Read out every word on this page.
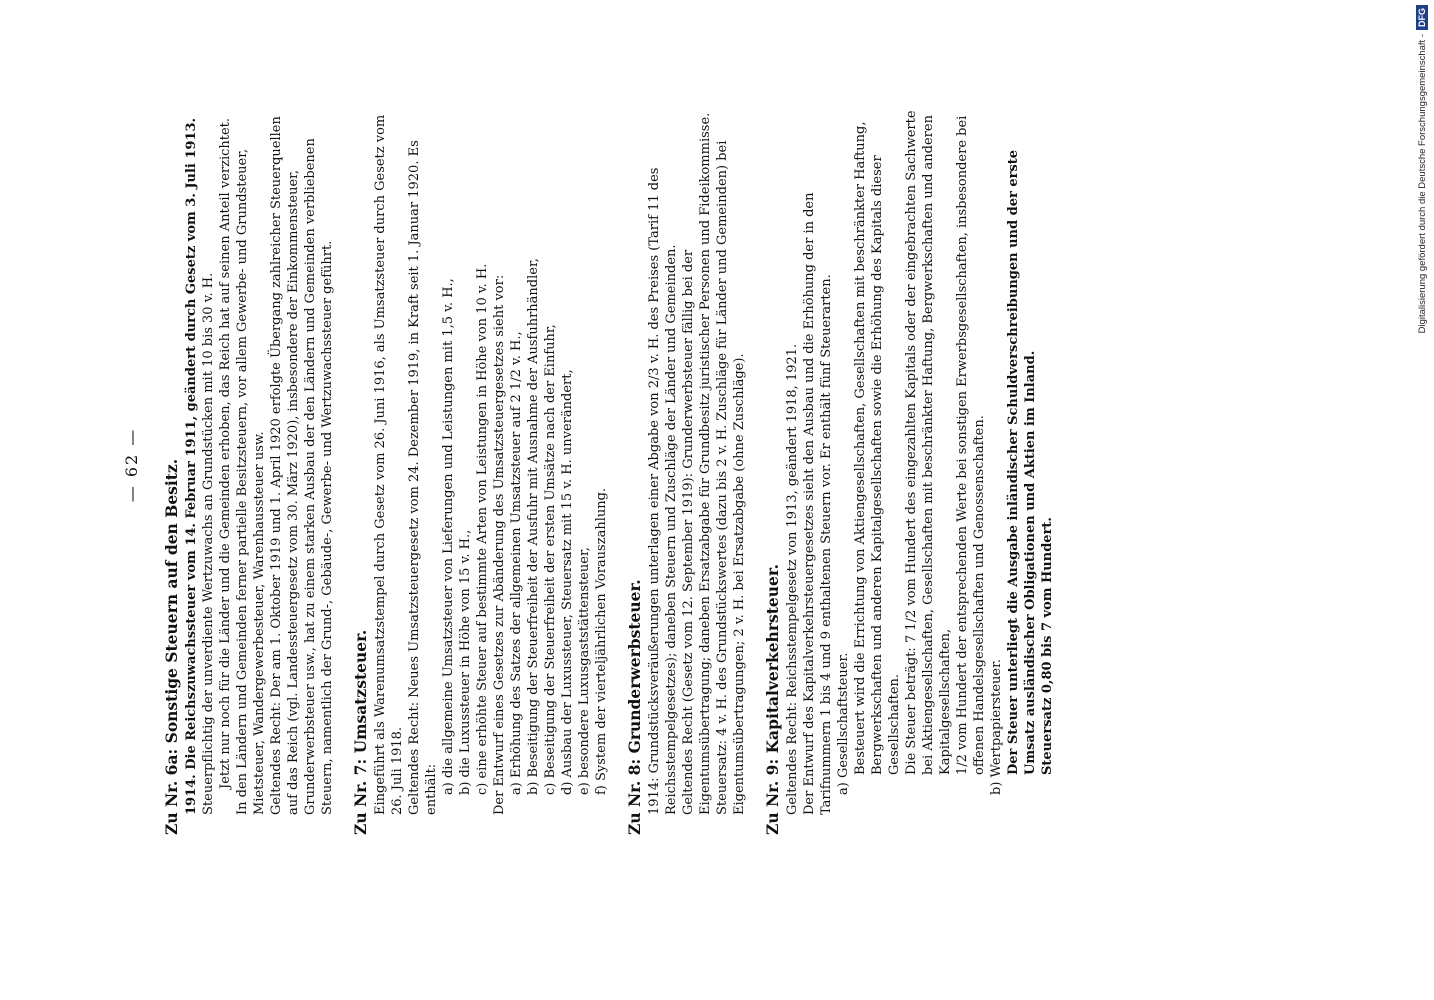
— 62 — Zu Nr. 6a: Sonstige Steuern auf den Besitz. 1914. Die Reichszuwachssteuer vom 14. Februar 1911, geändert durch Gesetz vom 3. Juli 1913. Steuerpflichtig der unverdiente Wertzuwachs an Grundstücken mit 10 bis 30 v. H. Jetzt nur noch für die Länder und die Gemeinden erhoben, das Reich hat auf seinen Anteil verzichtet. In den Ländern und Gemeinden ferner partielle Besitzsteuern, vor allem Gewerbe- und Grundsteuer, Mietsteuer, Wandergewerbesteuer, Warenhaussteuer usw. Geltendes Recht: Der am 1. Oktober 1919 und 1. April 1920 erfolgte Übergang zahlreicher Steuerquellen auf das Reich (vgl. Landessteuergesetz vom 30. März 1920), insbesondere der Einkommensteuer, Grunderwerbsteuer usw., hat zu einem starken Ausbau der den Ländern und Gemeinden verbliebenen Steuern, namentlich der Grund-, Gebäude-, Gewerbe- und Wertzuwachssteuer geführt. Zu Nr. 7: Umsatzsteuer. Eingeführt als Warenumsatzstempel durch Gesetz vom 26. Juni 1916, als Umsatzsteuer durch Gesetz vom 26. Juli 1918. Geltendes Recht: Neues Umsatzsteuergesetz vom 24. Dezember 1919, in Kraft seit 1. Januar 1920. Es enthält: a) die allgemeine Umsatzsteuer von Lieferungen und Leistungen mit 1,5 v. H., b) die Luxussteuer in Höhe von 15 v. H., c) eine erhöhte Steuer auf bestimmte Arten von Leistungen in Höhe von 10 v. H. Der Entwurf eines Gesetzes zur Abänderung des Umsatzsteuergesetzes sieht vor: a) Erhöhung des Satzes der allgemeinen Umsatzsteuer auf 2 1/2 v. H., b) Beseitigung der Steuerfreiheit der Ausfuhr mit Ausnahme der Ausfuhrhändler, c) Beseitigung der Steuerfreiheit der ersten Umsätze nach der Einfuhr, d) Ausbau der Luxussteuer, Steuersatz mit 15 v. H. unverändert, e) besondere Luxusgaststättensteuer, f) System der vierteljährlichen Vorauszahlung. Zu Nr. 8: Grunderwerbsteuer. 1914: Grundstücksveräußerungen unterlagen einer Abgabe von 2/3 v. H. des Preises (Tarif 11 des Reichsstempelgesetzes); daneben Steuern und Zuschläge der Länder und Gemeinden. Geltendes Recht (Gesetz vom 12. September 1919): Grunderwerbsteuer fällig bei der Eigentumsübertragung; daneben Ersatzabgabe für Grundbesitz juristischer Personen und Fideikommisse. Steuersatz: 4 v. H. des Grundstückswertes (dazu bis 2 v. H. Zuschläge für Länder und Gemeinden) bei Eigentumsübertragungen; 2 v. H. bei Ersatzabgabe (ohne Zuschläge). Zu Nr. 9: Kapitalverkehrsteuer. Geltendes Recht: Reichsstempelgesetz von 1913, geändert 1918, 1921. Der Entwurf des Kapitalverkehrsteuergesetzes sieht den Ausbau und die Erhöhung der in den Tarifnummern 1 bis 4 und 9 enthaltenen Steuern vor. Er enthält fünf Steuerarten. a) Gesellschaftsteuer. Besteuert wird die Errichtung von Aktiengesellschaften, Gesellschaften mit beschränkter Haftung, Bergwerkschaften und anderen Kapitalgesellschaften sowie die Erhöhung des Kapitals dieser Gesellschaften. Die Steuer beträgt: 7 1/2 vom Hundert des eingezahlten Kapitals oder der eingebrachten Sachwerte bei Aktiengesellschaften, Gesellschaften mit beschränkter Haftung, Bergwerkschaften und anderen Kapitalgesellschaften, 1/2 vom Hundert der entsprechenden Werte bei sonstigen Erwerbsgesellschaften, insbesondere bei offenen Handelsgesellschaften und Genossenschaften. b) Wertpapiersteuer. Der Steuer unterliegt die Ausgabe inländischer Schuldverschreibungen und der erste Umsatz ausländischer Obligationen und Aktien im Inland. Steuersatz 0,80 bis 7 vom Hundert.
Digitalisierung gefördert durch die Deutsche Forschungsgemeinschaft -
DFG
